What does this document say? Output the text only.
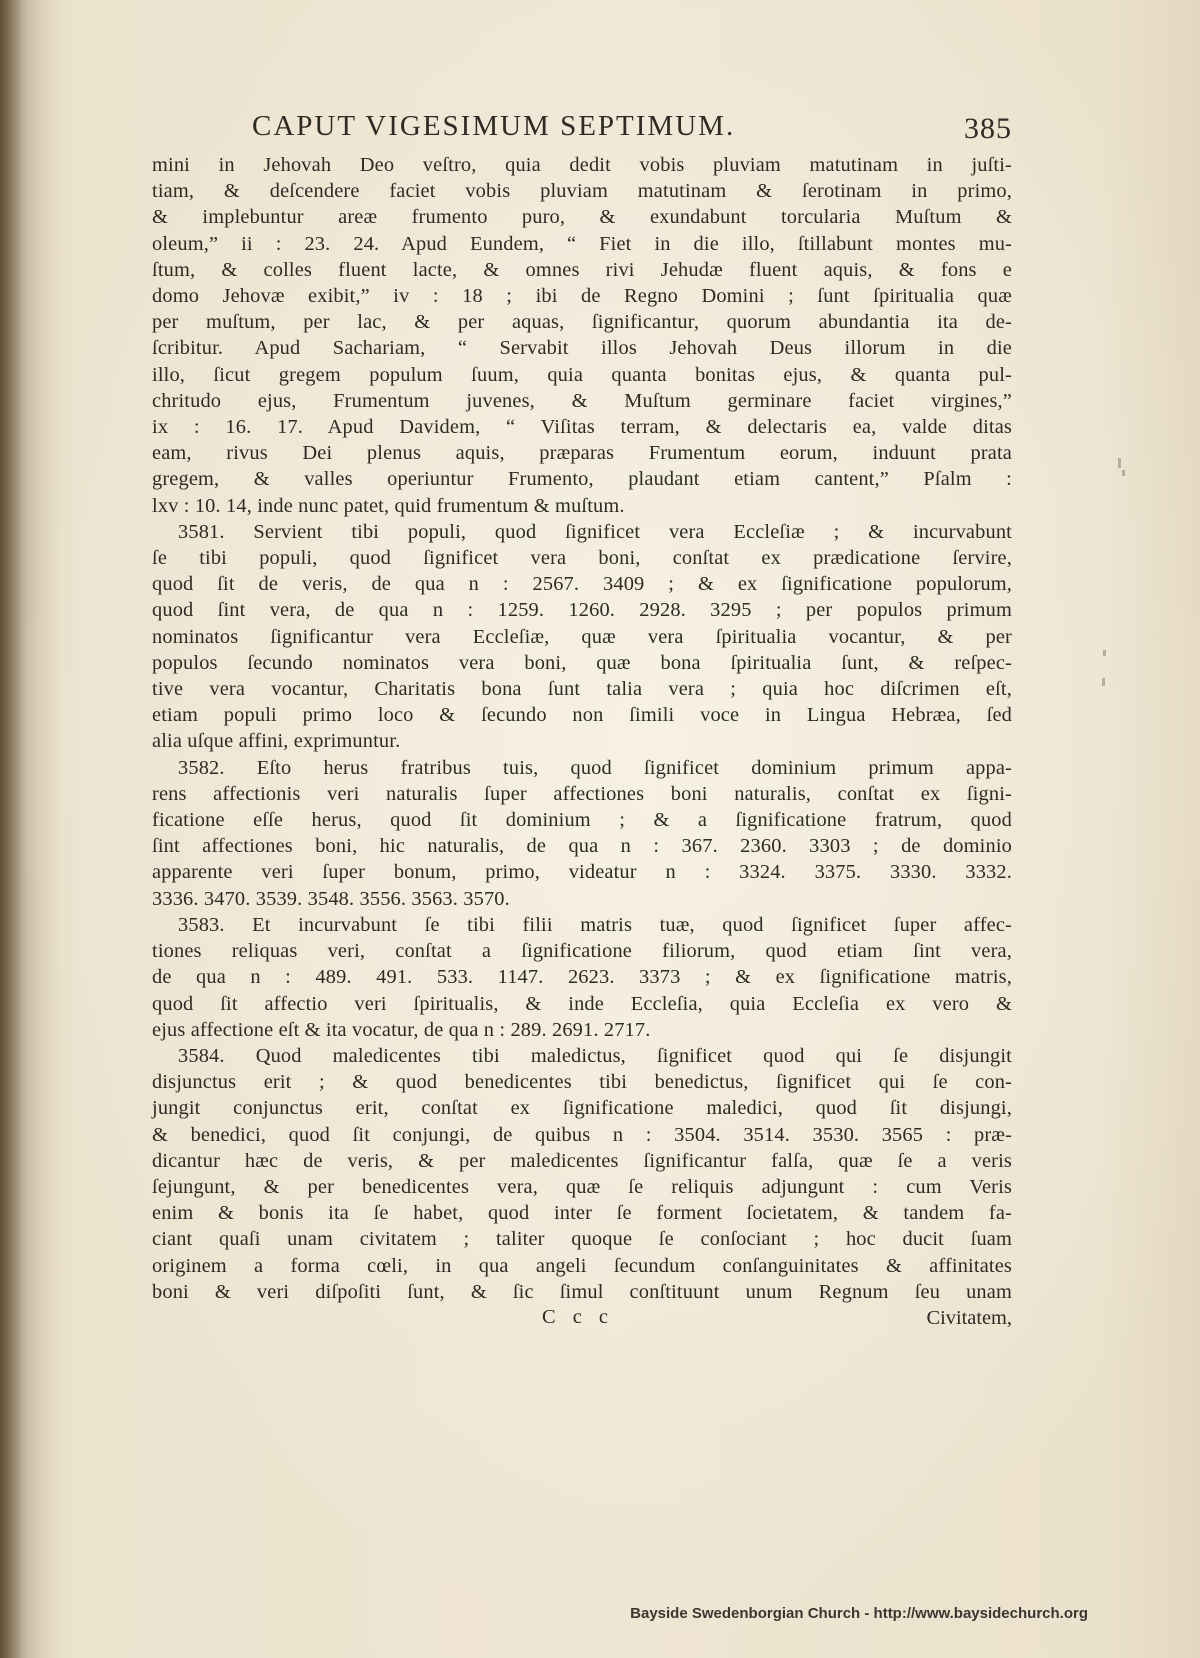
CAPUT VIGESIMUM SEPTIMUM.	385
mini in Jehovah Deo veſtro, quia dedit vobis pluviam matutinam in juſti-
tiam, & deſcendere faciet vobis pluviam matutinam & ſerotinam in primo,
& implebuntur areæ frumento puro, & exundabunt torcularia Muſtum &
oleum,” ii : 23. 24. Apud Eundem, “ Fiet in die illo, ſtillabunt montes mu-
ſtum, & colles fluent lacte, & omnes rivi Jehudæ fluent aquis, & fons e
domo Jehovæ exibit,” iv : 18 ; ibi de Regno Domini ; ſunt ſpiritualia quæ
per muſtum, per lac, & per aquas, ſignificantur, quorum abundantia ita de-
ſcribitur. Apud Sachariam, “ Servabit illos Jehovah Deus illorum in die
illo, ſicut gregem populum ſuum, quia quanta bonitas ejus, & quanta pul-
chritudo ejus, Frumentum juvenes, & Muſtum germinare faciet virgines,”
ix : 16. 17. Apud Davidem, “ Viſitas terram, & delectaris ea, valde ditas
eam, rivus Dei plenus aquis, præparas Frumentum eorum, induunt prata
gregem, & valles operiuntur Frumento, plaudant etiam cantent,” Pſalm :
lxv : 10. 14, inde nunc patet, quid frumentum & muſtum.
3581. Servient tibi populi, quod ſignificet vera Eccleſiæ ; & incurvabunt
ſe tibi populi, quod ſignificet vera boni, conſtat ex prædicatione ſervire,
quod ſit de veris, de qua n : 2567. 3409 ; & ex ſignificatione populorum,
quod ſint vera, de qua n : 1259. 1260. 2928. 3295 ; per populos primum
nominatos ſignificantur vera Eccleſiæ, quæ vera ſpiritualia vocantur, & per
populos ſecundo nominatos vera boni, quæ bona ſpiritualia ſunt, & reſpec-
tive vera vocantur, Charitatis bona ſunt talia vera ; quia hoc diſcrimen eſt,
etiam populi primo loco & ſecundo non ſimili voce in Lingua Hebræa, ſed
alia uſque affini, exprimuntur.
3582. Eſto herus fratribus tuis, quod ſignificet dominium primum appa-
rens affectionis veri naturalis ſuper affectiones boni naturalis, conſtat ex ſigni-
ficatione eſſe herus, quod ſit dominium ; & a ſignificatione fratrum, quod
ſint affectiones boni, hic naturalis, de qua n : 367. 2360. 3303 ; de dominio
apparente veri ſuper bonum, primo, videatur n : 3324. 3375. 3330. 3332.
3336. 3470. 3539. 3548. 3556. 3563. 3570.
3583. Et incurvabunt ſe tibi filii matris tuæ, quod ſignificet ſuper affec-
tiones reliquas veri, conſtat a ſignificatione filiorum, quod etiam ſint vera,
de qua n : 489. 491. 533. 1147. 2623. 3373 ; & ex ſignificatione matris,
quod ſit affectio veri ſpiritualis, & inde Eccleſia, quia Eccleſia ex vero &
ejus affectione eſt & ita vocatur, de qua n : 289. 2691. 2717.
3584. Quod maledicentes tibi maledictus, ſignificet quod qui ſe disjungit
disjunctus erit ; & quod benedicentes tibi benedictus, ſignificet qui ſe con-
jungit conjunctus erit, conſtat ex ſignificatione maledici, quod ſit disjungi,
& benedici, quod ſit conjungi, de quibus n : 3504. 3514. 3530. 3565 : præ-
dicantur hæc de veris, & per maledicentes ſignificantur falſa, quæ ſe a veris
ſejungunt, & per benedicentes vera, quæ ſe reliquis adjungunt : cum Veris
enim & bonis ita ſe habet, quod inter ſe forment ſocietatem, & tandem fa-
ciant quaſi unam civitatem ; taliter quoque ſe conſociant ; hoc ducit ſuam
originem a forma cœli, in qua angeli ſecundum conſanguinitates & affinitates
boni & veri diſpoſiti ſunt, & ſic ſimul conſtituunt unum Regnum ſeu unam
C c c	Civitatem,
Bayside Swedenborgian Church - http://www.baysidechurch.org
